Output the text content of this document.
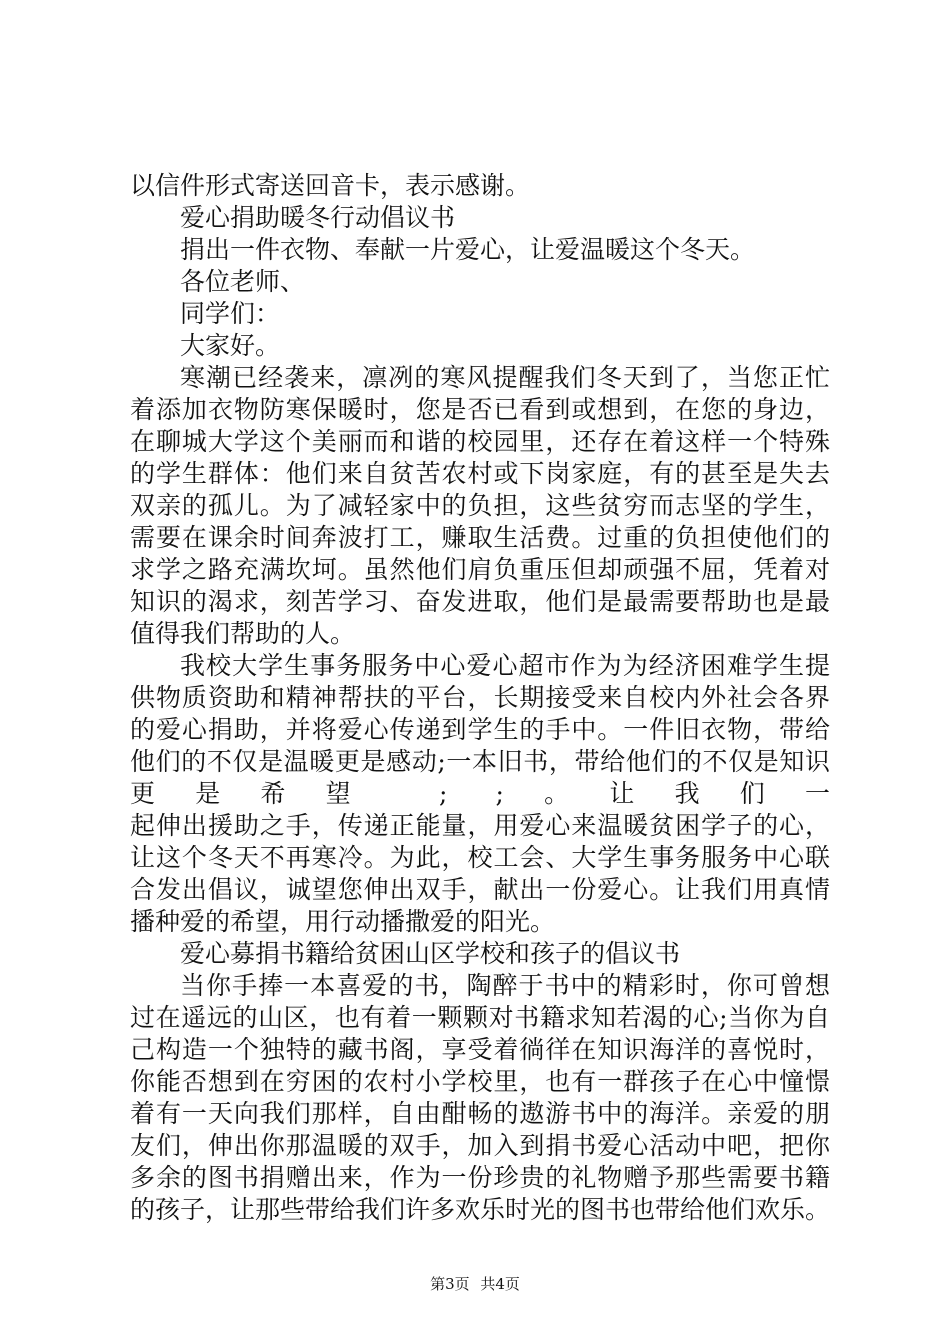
以信件形式寄送回音卡，表示感谢。
爱心捐助暖冬行动倡议书
捐出一件衣物、奉献一片爱心，让爱温暖这个冬天。
各位老师、
同学们：
大家好。
寒潮已经袭来，凛冽的寒风提醒我们冬天到了，当您正忙
着添加衣物防寒保暖时，您是否已看到或想到，在您的身边，
在聊城大学这个美丽而和谐的校园里，还存在着这样一个特殊
的学生群体：他们来自贫苦农村或下岗家庭，有的甚至是失去
双亲的孤儿。为了减轻家中的负担，这些贫穷而志坚的学生，
需要在课余时间奔波打工，赚取生活费。过重的负担使他们的
求学之路充满坎坷。虽然他们肩负重压但却顽强不屈，凭着对
知识的渴求，刻苦学习、奋发进取，他们是最需要帮助也是最
值得我们帮助的人。
我校大学生事务服务中心爱心超市作为为经济困难学生提
供物质资助和精神帮扶的平台，长期接受来自校内外社会各界
的爱心捐助，并将爱心传递到学生的手中。一件旧衣物，带给
他们的不仅是温暖更是感动;一本旧书，带给他们的不仅是知识
更是希望 ; ;。让我们一
起伸出援助之手，传递正能量，用爱心来温暖贫困学子的心，
让这个冬天不再寒冷。为此，校工会、大学生事务服务中心联
合发出倡议，诚望您伸出双手，献出一份爱心。让我们用真情
播种爱的希望，用行动播撒爱的阳光。
爱心募捐书籍给贫困山区学校和孩子的倡议书
当你手捧一本喜爱的书，陶醉于书中的精彩时，你可曾想
过在遥远的山区，也有着一颗颗对书籍求知若渴的心;当你为自
己构造一个独特的藏书阁，享受着徜徉在知识海洋的喜悦时，
你能否想到在穷困的农村小学校里，也有一群孩子在心中憧憬
着有一天向我们那样，自由酣畅的遨游书中的海洋。亲爱的朋
友们，伸出你那温暖的双手，加入到捐书爱心活动中吧，把你
多余的图书捐赠出来，作为一份珍贵的礼物赠予那些需要书籍
的孩子，让那些带给我们许多欢乐时光的图书也带给他们欢乐。
第3页 共4页
